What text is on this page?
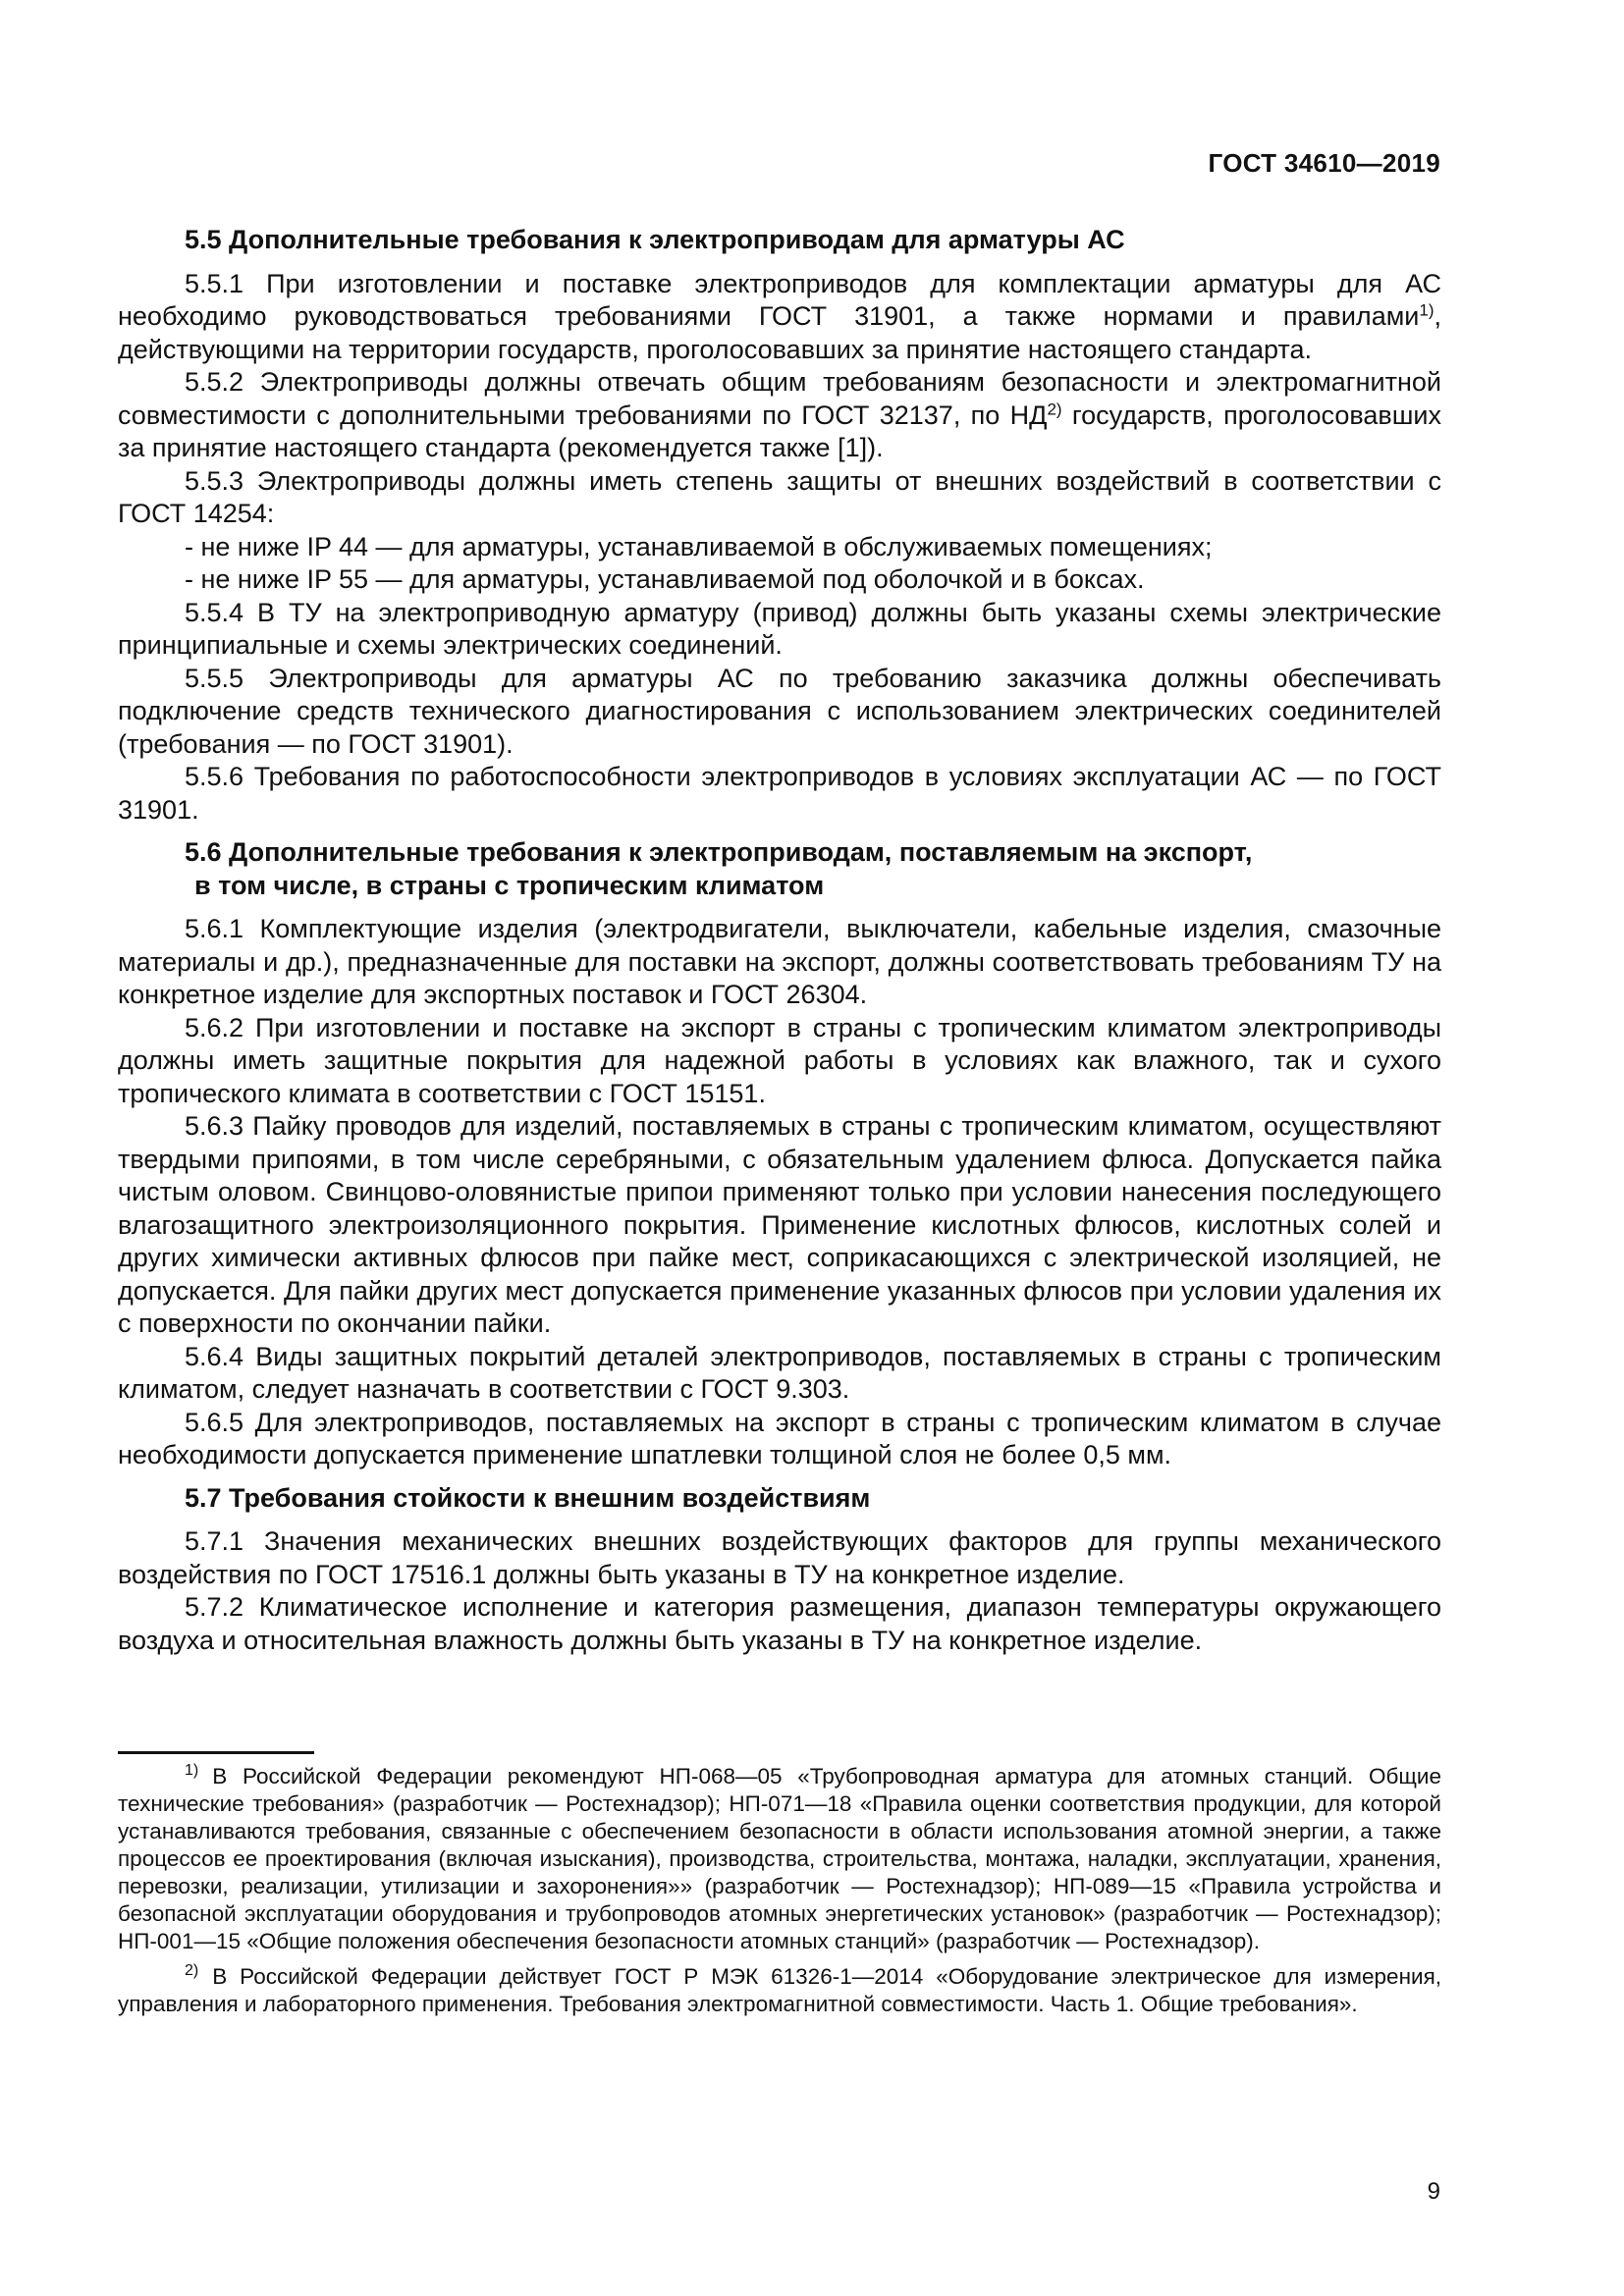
ГОСТ 34610—2019
5.5 Дополнительные требования к электроприводам для арматуры АС

5.5.1 При изготовлении и поставке электроприводов для комплектации арматуры для АС необходимо руководствоваться требованиями ГОСТ 31901, а также нормами и правилами$^{1)}$, действующими на территории государств, проголосовавших за принятие настоящего стандарта.

5.5.2 Электроприводы должны отвечать общим требованиям безопасности и электромагнитной совместимости с дополнительными требованиями по ГОСТ 32137, по НД$^{2)}$ государств, проголосовавших за принятие настоящего стандарта (рекомендуется также [1]).

5.5.3 Электроприводы должны иметь степень защиты от внешних воздействий в соответствии с ГОСТ 14254:

- не ниже IP 44 — для арматуры, устанавливаемой в обслуживаемых помещениях;

- не ниже IP 55 — для арматуры, устанавливаемой под оболочкой и в боксах.

5.5.4 В ТУ на электроприводную арматуру (привод) должны быть указаны схемы электрические принципиальные и схемы электрических соединений.

5.5.5 Электроприводы для арматуры АС по требованию заказчика должны обеспечивать подключение средств технического диагностирования с использованием электрических соединителей (требования — по ГОСТ 31901).

5.5.6 Требования по работоспособности электроприводов в условиях эксплуатации АС — по ГОСТ 31901.

5.6 Дополнительные требования к электроприводам, поставляемым на экспорт,
в том числе, в страны с тропическим климатом

5.6.1 Комплектующие изделия (электродвигатели, выключатели, кабельные изделия, смазочные материалы и др.), предназначенные для поставки на экспорт, должны соответствовать требованиям ТУ на конкретное изделие для экспортных поставок и ГОСТ 26304.

5.6.2 При изготовлении и поставке на экспорт в страны с тропическим климатом электроприводы должны иметь защитные покрытия для надежной работы в условиях как влажного, так и сухого тропического климата в соответствии с ГОСТ 15151.

5.6.3 Пайку проводов для изделий, поставляемых в страны с тропическим климатом, осуществляют твердыми припоями, в том числе серебряными, с обязательным удалением флюса. Допускается пайка чистым оловом. Свинцово-оловянистые припои применяют только при условии нанесения последующего влагозащитного электроизоляционного покрытия. Применение кислотных флюсов, кислотных солей и других химически активных флюсов при пайке мест, соприкасающихся с электрической изоляцией, не допускается. Для пайки других мест допускается применение указанных флюсов при условии удаления их с поверхности по окончании пайки.

5.6.4 Виды защитных покрытий деталей электроприводов, поставляемых в страны с тропическим климатом, следует назначать в соответствии с ГОСТ 9.303.

5.6.5 Для электроприводов, поставляемых на экспорт в страны с тропическим климатом в случае необходимости допускается применение шпатлевки толщиной слоя не более 0,5 мм.

5.7 Требования стойкости к внешним воздействиям

5.7.1 Значения механических внешних воздействующих факторов для группы механического воздействия по ГОСТ 17516.1 должны быть указаны в ТУ на конкретное изделие.

5.7.2 Климатическое исполнение и категория размещения, диапазон температуры окружающего воздуха и относительная влажность должны быть указаны в ТУ на конкретное изделие.

$^{1)}$ В Российской Федерации рекомендуют НП-068—05 «Трубопроводная арматура для атомных станций. Общие технические требования» (разработчик — Ростехнадзор); НП-071—18 «Правила оценки соответствия продукции, для которой устанавливаются требования, связанные с обеспечением безопасности в области использования атомной энергии, а также процессов ее проектирования (включая изыскания), производства, строительства, монтажа, наладки, эксплуатации, хранения, перевозки, реализации, утилизации и захоронения»» (разработчик — Ростехнадзор); НП-089—15 «Правила устройства и безопасной эксплуатации оборудования и трубопроводов атомных энергетических установок» (разработчик — Ростехнадзор); НП-001—15 «Общие положения обеспечения безопасности атомных станций» (разработчик — Ростехнадзор).

$^{2)}$ В Российской Федерации действует ГОСТ Р МЭК 61326-1—2014 «Оборудование электрическое для измерения, управления и лабораторного применения. Требования электромагнитной совместимости. Часть 1. Общие требования».

9
